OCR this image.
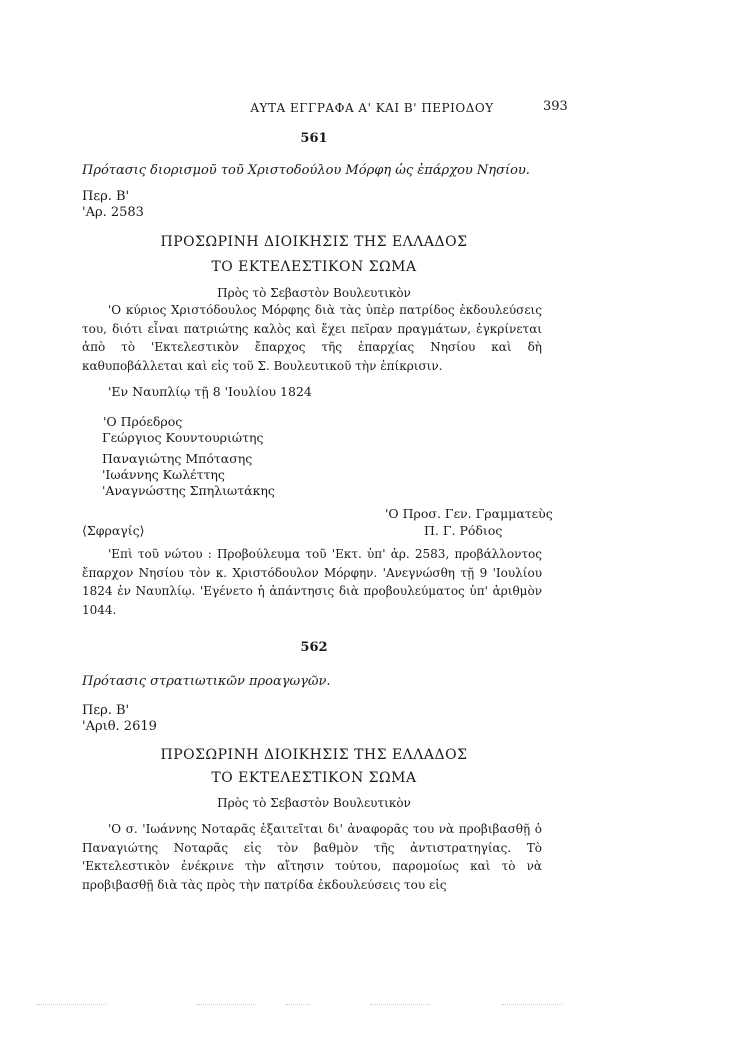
ΑΥΤΑ ΕΓΓΡΑΦΑ Α' ΚΑΙ Β' ΠΕΡΙΟΔΟΥ	393
561
Πρότασις διορισμοῦ τοῦ Χριστοδούλου Μόρφη ὡς ἐπάρχου Νησίου.
Περ. Β'
'Αρ. 2583
ΠΡΟΣΩΡΙΝΗ ΔΙΟΙΚΗΣΙΣ ΤΗΣ ΕΛΛΑΔΟΣ
ΤΟ ΕΚΤΕΛΕΣΤΙΚΟΝ ΣΩΜΑ
Πρὸς τὸ Σεβαστὸν Βουλευτικὸν
'Ο κύριος Χριστόδουλος Μόρφης διὰ τὰς ὑπὲρ πατρίδος ἐκδουλεύσεις του, διότι εἶναι πατριώτης καλὸς καὶ ἔχει πεῖραν πραγμάτων, ἐγκρίνεται ἀπὸ τὸ 'Εκτελεστικὸν ἔπαρχος τῆς ἐπαρχίας Νησίου καὶ δὴ καθυποβάλλεται καὶ εἰς τοῦ Σ. Βουλευτικοῦ τὴν ἐπίκρισιν.
'Εν Ναυπλίῳ τῇ 8 'Ιουλίου 1824
'Ο Πρόεδρος
Γεώργιος Κουντουριώτης
Παναγιώτης Μπότασης
'Ιωάννης Κωλέττης
'Αναγνώστης Σπηλιωτάκης
'Ο Προσ. Γεν. Γραμματεὺς
Π. Γ. Ρόδιος
⟨Σφραγίς⟩
'Επὶ τοῦ νώτου : Προβούλευμα τοῦ 'Εκτ. ὑπ' ἀρ. 2583, προβάλλοντος ἔπαρχον Νησίου τὸν κ. Χριστόδουλον Μόρφην. 'Ανεγνώσθη τῇ 9 'Ιουλίου 1824 ἐν Ναυπλίῳ. 'Εγένετο ἡ ἀπάντησις διὰ προβουλεύματος ὑπ' ἀριθμὸν 1044.
562
Πρότασις στρατιωτικῶν προαγωγῶν.
Περ. Β'
'Αριθ. 2619
ΠΡΟΣΩΡΙΝΗ ΔΙΟΙΚΗΣΙΣ ΤΗΣ ΕΛΛΑΔΟΣ
ΤΟ ΕΚΤΕΛΕΣΤΙΚΟΝ ΣΩΜΑ
Πρὸς τὸ Σεβαστὸν Βουλευτικὸν
'Ο σ. 'Ιωάννης Νοταρᾶς ἐξαιτεῖται δι' ἀναφορᾶς του νὰ προβιβασθῇ ὁ Παναγιώτης Νοταρᾶς εἰς τὸν βαθμὸν τῆς ἀντιστρατηγίας. Τὸ 'Εκτελεστικὸν ἐνέκρινε τὴν αἴτησιν τούτου, παρομοίως καὶ τὸ νὰ προβιβασθῇ διὰ τὰς πρὸς τὴν πατρίδα ἐκδουλεύσεις του εἰς
